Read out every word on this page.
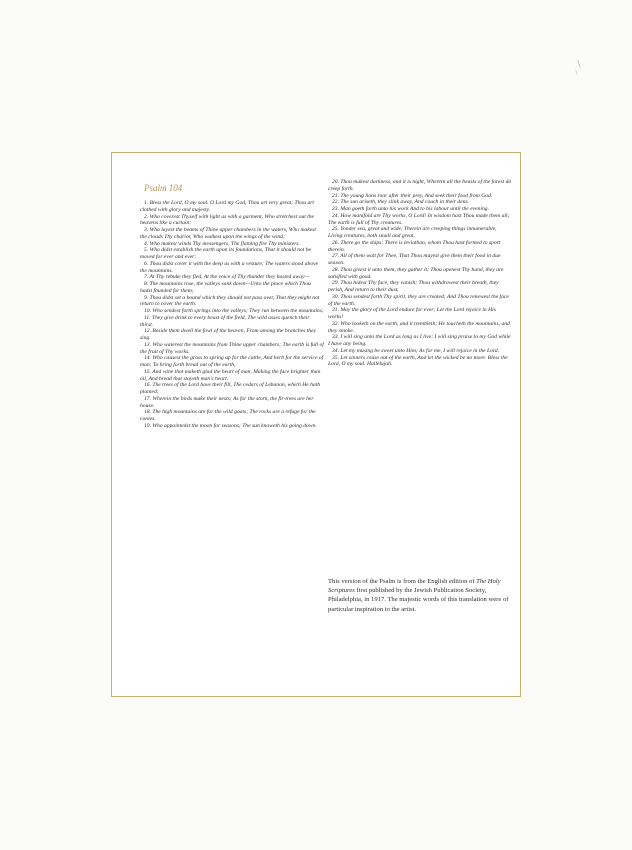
/
/

Psalm 104

1. Bless the Lord, O my soul. O Lord my God, Thou art very great; Thou art clothed with glory and majesty.

2. Who coverest Thyself with light as with a garment, Who stretchest out the heavens like a curtain;

3. Who layest the beams of Thine upper chambers in the waters, Who makest the clouds Thy chariot, Who walkest upon the wings of the wind;

4. Who makest winds Thy messengers, The flaming fire Thy ministers.

5. Who didst establish the earth upon its foundations, That it should not be moved for ever and ever;

6. Thou didst cover it with the deep as with a vesture; The waters stood above the mountains.

7. At Thy rebuke they fled, At the voice of Thy thunder they hasted away—

8. The mountains rose, the valleys sank down—Unto the place which Thou hadst founded for them;

9. Thou didst set a bound which they should not pass over, That they might not return to cover the earth.

10. Who sendest forth springs into the valleys; They run between the mountains;

11. They give drink to every beast of the field, The wild asses quench their thirst.

12. Beside them dwell the fowl of the heaven, From among the branches they sing.

13. Who waterest the mountains from Thine upper chambers; The earth is full of the fruit of Thy works.

14. Who causest the grass to spring up for the cattle, And herb for the service of man; To bring forth bread out of the earth,

15. And wine that maketh glad the heart of man, Making the face brighter than oil, And bread that stayeth man's heart.

16. The trees of the Lord have their fill, The cedars of Lebanon, which He hath planted;

17. Wherein the birds make their nests; As for the stork, the fir-trees are her house.

18. The high mountains are for the wild goats; The rocks are a refuge for the conies.

19. Who appointedst the moon for seasons; The sun knoweth his going down.

20. Thou makest darkness, and it is night, Wherein all the beasts of the forest do creep forth.

21. The young lions roar after their prey, And seek their food from God.

22. The sun ariseth, they slink away, And couch in their dens.

23. Man goeth forth unto his work And to his labour until the evening.

24. How manifold are Thy works, O Lord! In wisdom hast Thou made them all; The earth is full of Thy creatures.

25. Yonder sea, great and wide, Therein are creeping things innumerable, Living creatures, both small and great.

26. There go the ships; There is leviathan, whom Thou hast formed to sport therein.

27. All of them wait for Thee, That Thou mayest give them their food in due season.

28. Thou givest it unto them, they gather it; Thou openest Thy hand, they are satisfied with good.

29. Thou hidest Thy face, they vanish; Thou withdrawest their breath, they perish, And return to their dust.

30. Thou sendest forth Thy spirit, they are created; And Thou renewest the face of the earth.

31. May the glory of the Lord endure for ever; Let the Lord rejoice in His works!

32. Who looketh on the earth, and it trembleth; He toucheth the mountains, and they smoke.

33. I will sing unto the Lord as long as I live; I will sing praise to my God while I have any being.

34. Let my musing be sweet unto Him; As for me, I will rejoice in the Lord.

35. Let sinners cease out of the earth, And let the wicked be no more. Bless the Lord, O my soul. Hallelujah.

This version of the Psalm is from the English edition of The Holy Scriptures first published by the Jewish Publication Society, Philadelphia, in 1917. The majestic words of this translation were of particular inspiration to the artist.
